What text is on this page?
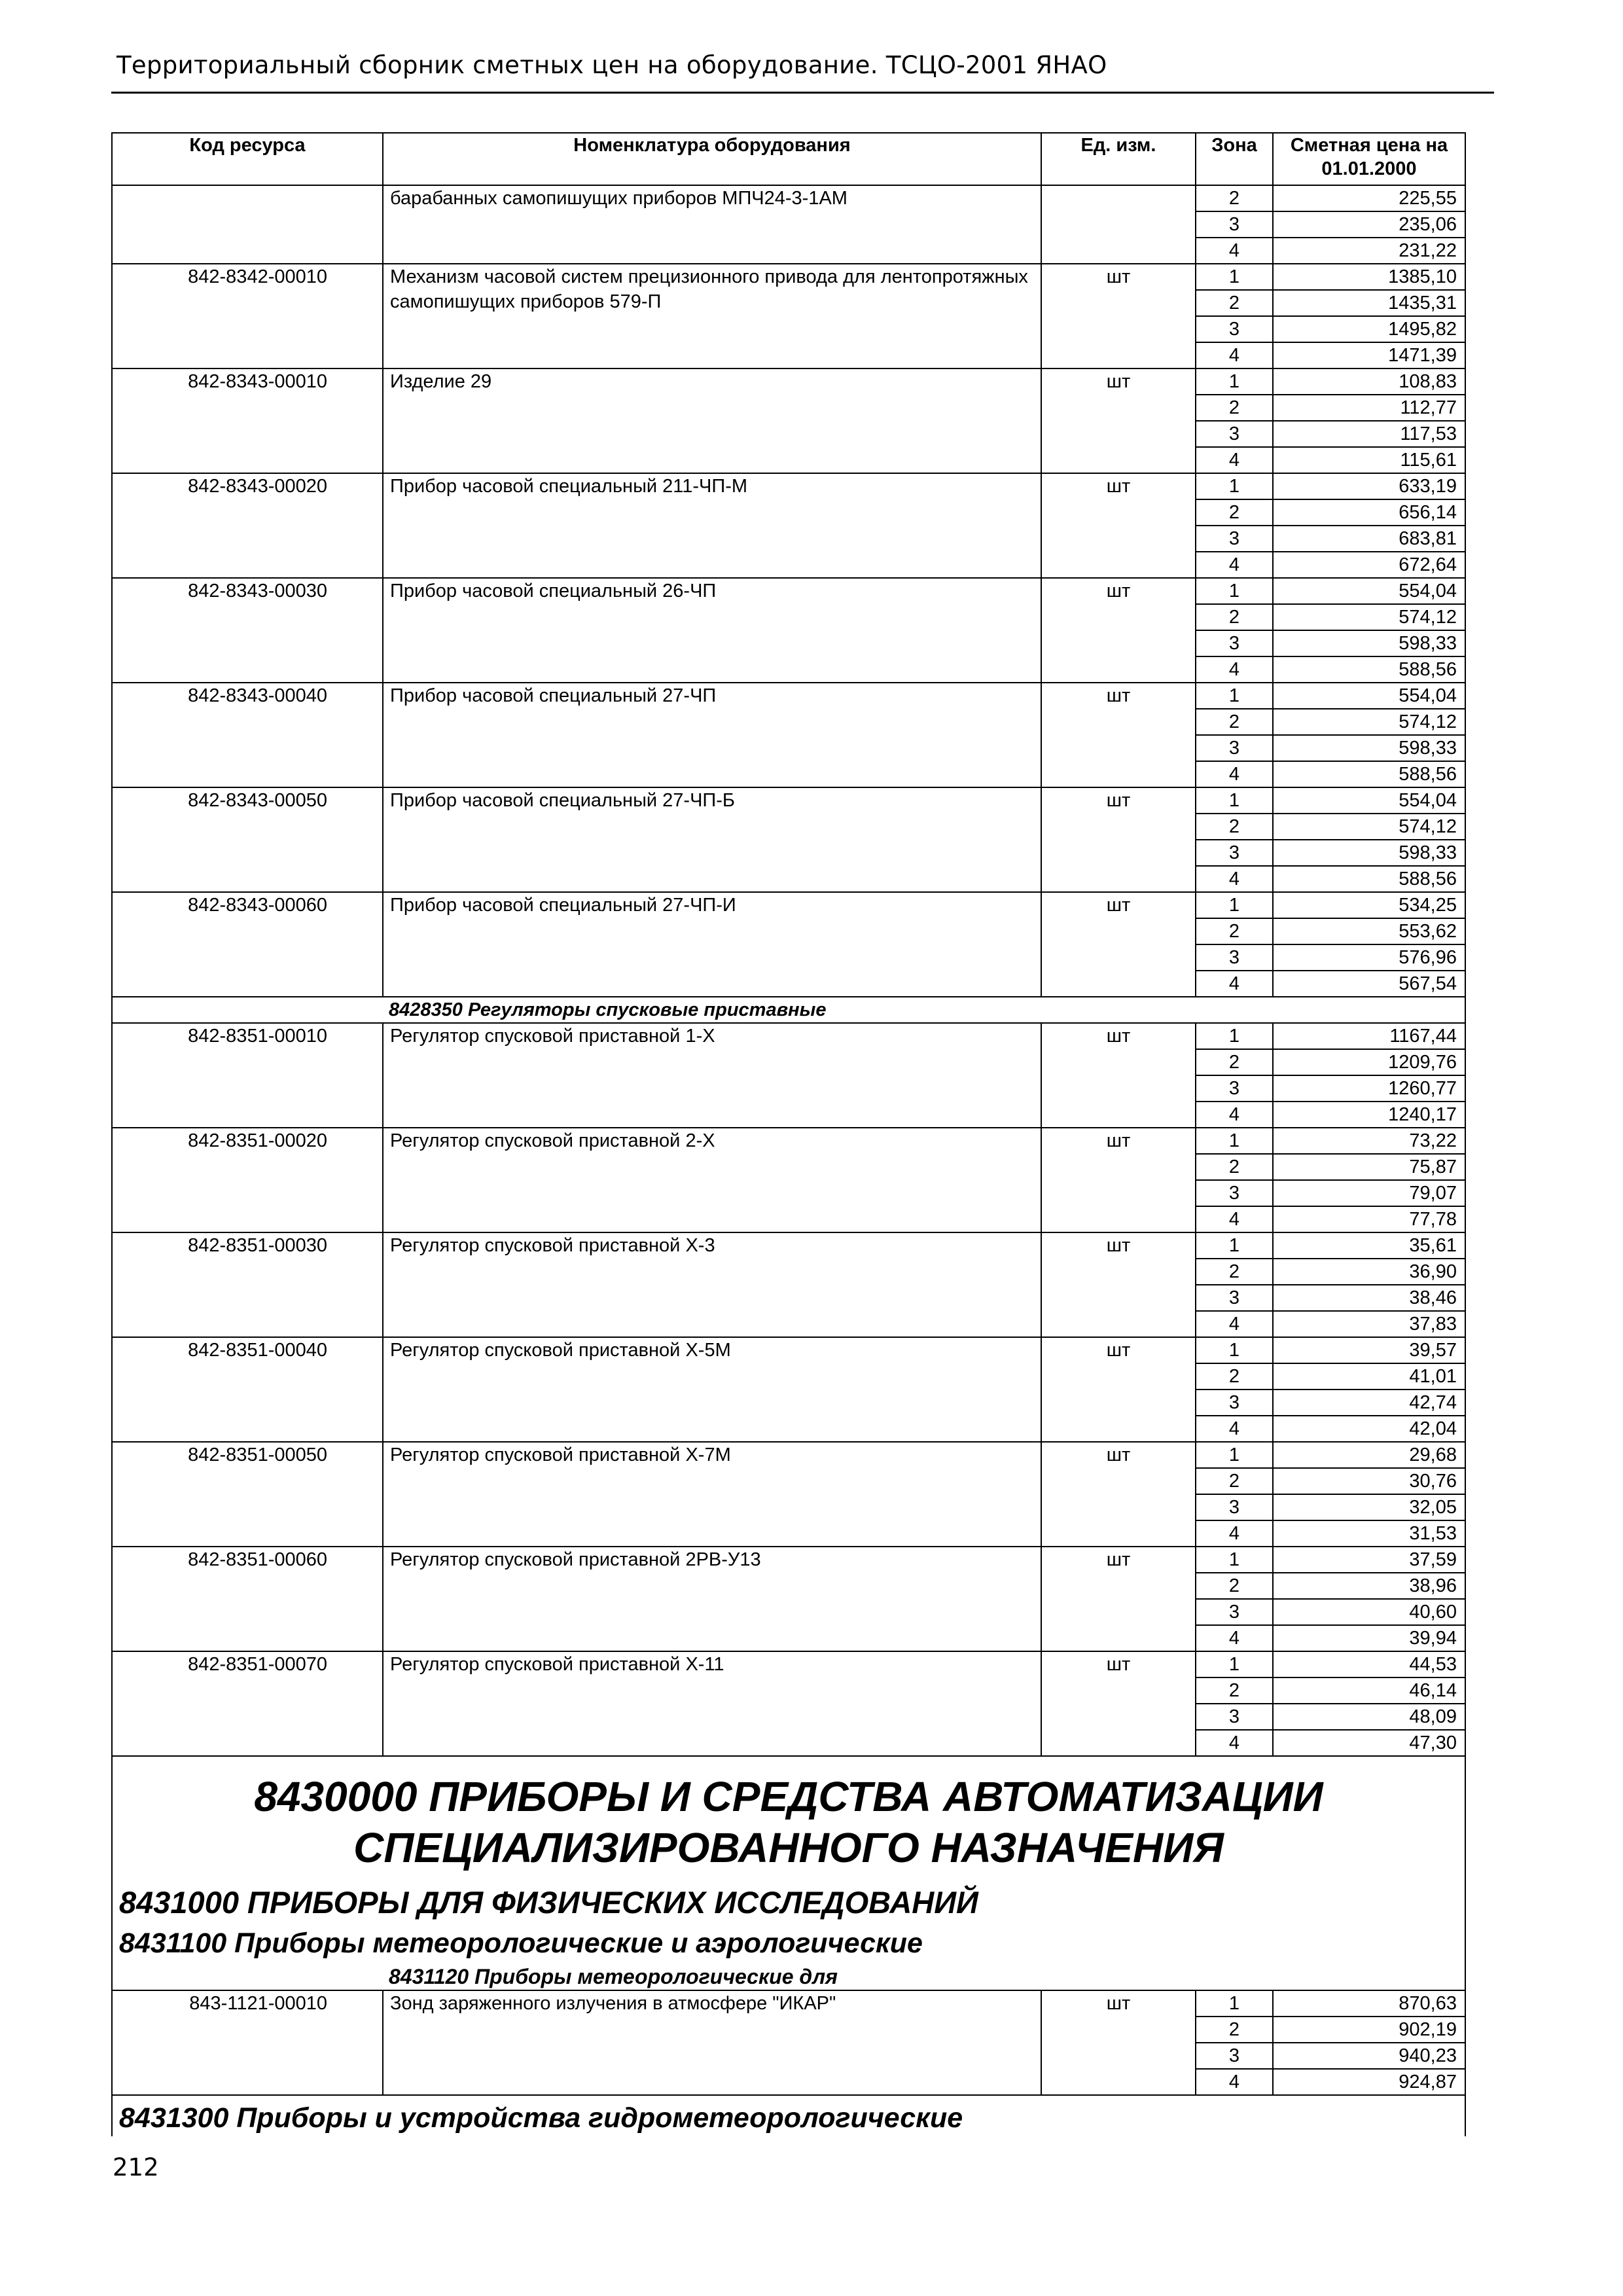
Территориальный сборник сметных цен на оборудование. ТСЦО-2001 ЯНАО
Код ресурса	Номенклатура оборудования	Ед. изм.	Зона	Сметная цена на 01.01.2000
	барабанных самопишущих приборов МПЧ24-3-1АМ		2	225,55
			3	235,06
			4	231,22
842-8342-00010	Механизм часовой систем прецизионного привода для лентопротяжных самопишущих приборов 579-П	шт	1	1385,10
			2	1435,31
			3	1495,82
			4	1471,39
842-8343-00010	Изделие 29	шт	1	108,83
			2	112,77
			3	117,53
			4	115,61
842-8343-00020	Прибор часовой специальный 211-ЧП-М	шт	1	633,19
			2	656,14
			3	683,81
			4	672,64
842-8343-00030	Прибор часовой специальный 26-ЧП	шт	1	554,04
			2	574,12
			3	598,33
			4	588,56
842-8343-00040	Прибор часовой специальный 27-ЧП	шт	1	554,04
			2	574,12
			3	598,33
			4	588,56
842-8343-00050	Прибор часовой специальный 27-ЧП-Б	шт	1	554,04
			2	574,12
			3	598,33
			4	588,56
842-8343-00060	Прибор часовой специальный 27-ЧП-И	шт	1	534,25
			2	553,62
			3	576,96
			4	567,54
8428350 Регуляторы спусковые приставные				
842-8351-00010	Регулятор спусковой приставной 1-Х	шт	1	1167,44
			2	1209,76
			3	1260,77
			4	1240,17
842-8351-00020	Регулятор спусковой приставной 2-Х	шт	1	73,22
			2	75,87
			3	79,07
			4	77,78
842-8351-00030	Регулятор спусковой приставной Х-3	шт	1	35,61
			2	36,90
			3	38,46
			4	37,83
842-8351-00040	Регулятор спусковой приставной Х-5М	шт	1	39,57
			2	41,01
			3	42,74
			4	42,04
842-8351-00050	Регулятор спусковой приставной Х-7М	шт	1	29,68
			2	30,76
			3	32,05
			4	31,53
842-8351-00060	Регулятор спусковой приставной 2РВ-У13	шт	1	37,59
			2	38,96
			3	40,60
			4	39,94
842-8351-00070	Регулятор спусковой приставной Х-11	шт	1	44,53
			2	46,14
			3	48,09
			4	47,30

8430000 ПРИБОРЫ И СРЕДСТВА АВТОМАТИЗАЦИИ
СПЕЦИАЛИЗИРОВАННОГО НАЗНАЧЕНИЯ
8431000 ПРИБОРЫ ДЛЯ ФИЗИЧЕСКИХ ИССЛЕДОВАНИЙ
8431100 Приборы метеорологические и аэрологические
8431120 Приборы метеорологические для				

843-1121-00010	Зонд заряженного излучения в атмосфере "ИКАР"	шт	1	870,63
			2	902,19
			3	940,23
			4	924,87

8431300 Приборы и устройства гидрометеорологические				
212
